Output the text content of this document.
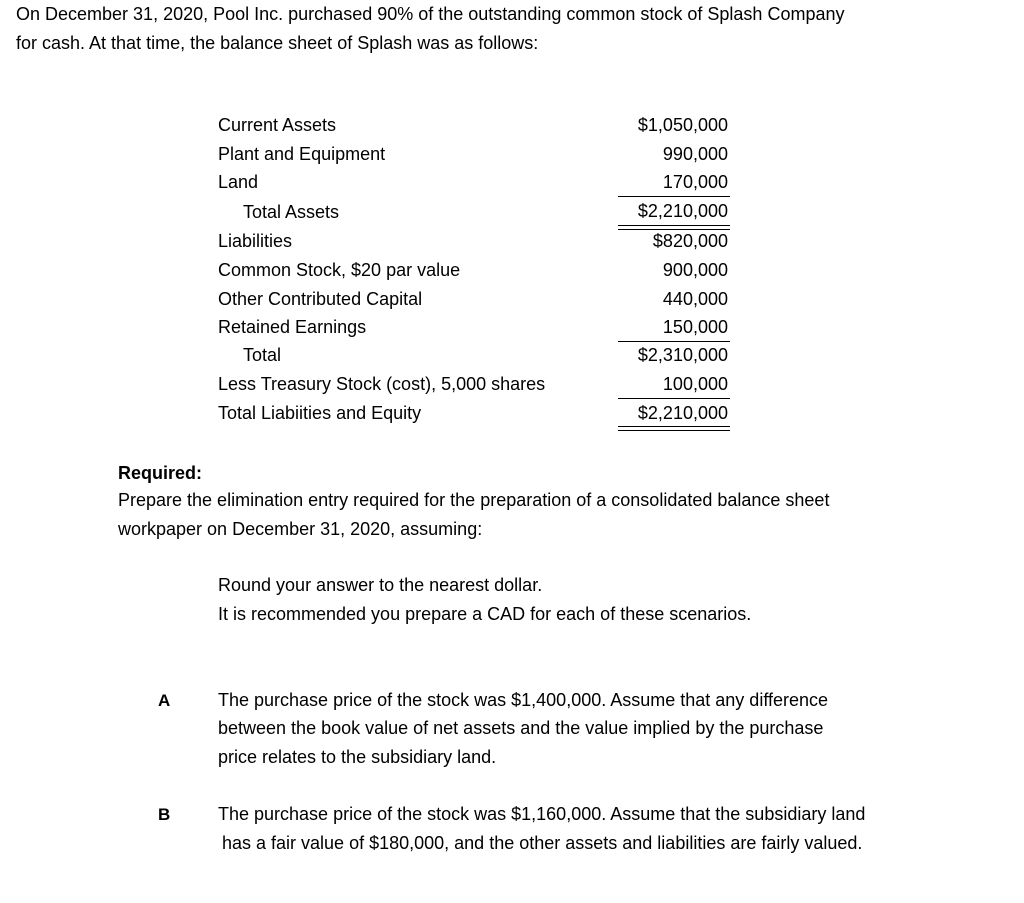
On December 31, 2020, Pool Inc. purchased 90% of the outstanding common stock of Splash Company
for cash. At that time, the balance sheet of Splash was as follows:
Current Assets	$1,050,000
Plant and Equipment	990,000
Land	170,000
Total Assets	$2,210,000
Liabilities	$820,000
Common Stock, $20 par value	900,000
Other Contributed Capital	440,000
Retained Earnings	150,000
Total	$2,310,000
Less Treasury Stock (cost), 5,000 shares	100,000
Total Liabiities and Equity	$2,210,000
Required:
Prepare the elimination entry required for the preparation of a consolidated balance sheet
workpaper on December 31, 2020, assuming:
Round your answer to the nearest dollar.
It is recommended you prepare a CAD for each of these scenarios.
A	The purchase price of the stock was $1,400,000. Assume that any difference
between the book value of net assets and the value implied by the purchase
price relates to the subsidiary land.
B	The purchase price of the stock was $1,160,000. Assume that the subsidiary land
has a fair value of $180,000, and the other assets and liabilities are fairly valued.
